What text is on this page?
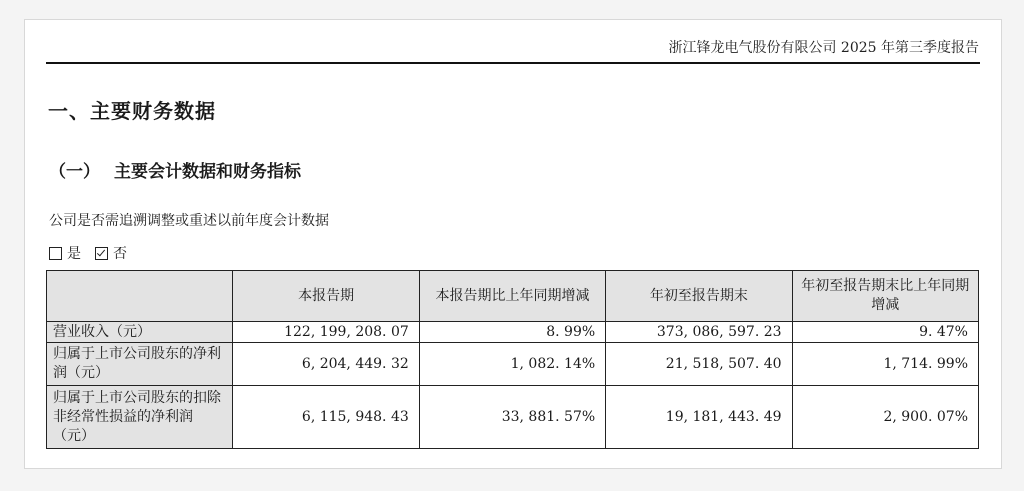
浙江锋龙电气股份有限公司 2025 年第三季度报告
一、主要财务数据
（一） 主要会计数据和财务指标
公司是否需追溯调整或重述以前年度会计数据
是 否
	本报告期	本报告期比上年同期增减	年初至报告期末	年初至报告期末比上年同期增减
营业收入（元）	122, 199, 208. 07	8. 99%	373, 086, 597. 23	9. 47%
归属于上市公司股东的净利润（元）	6, 204, 449. 32	1, 082. 14%	21, 518, 507. 40	1, 714. 99%
归属于上市公司股东的扣除非经常性损益的净利润（元）	6, 115, 948. 43	33, 881. 57%	19, 181, 443. 49	2, 900. 07%
